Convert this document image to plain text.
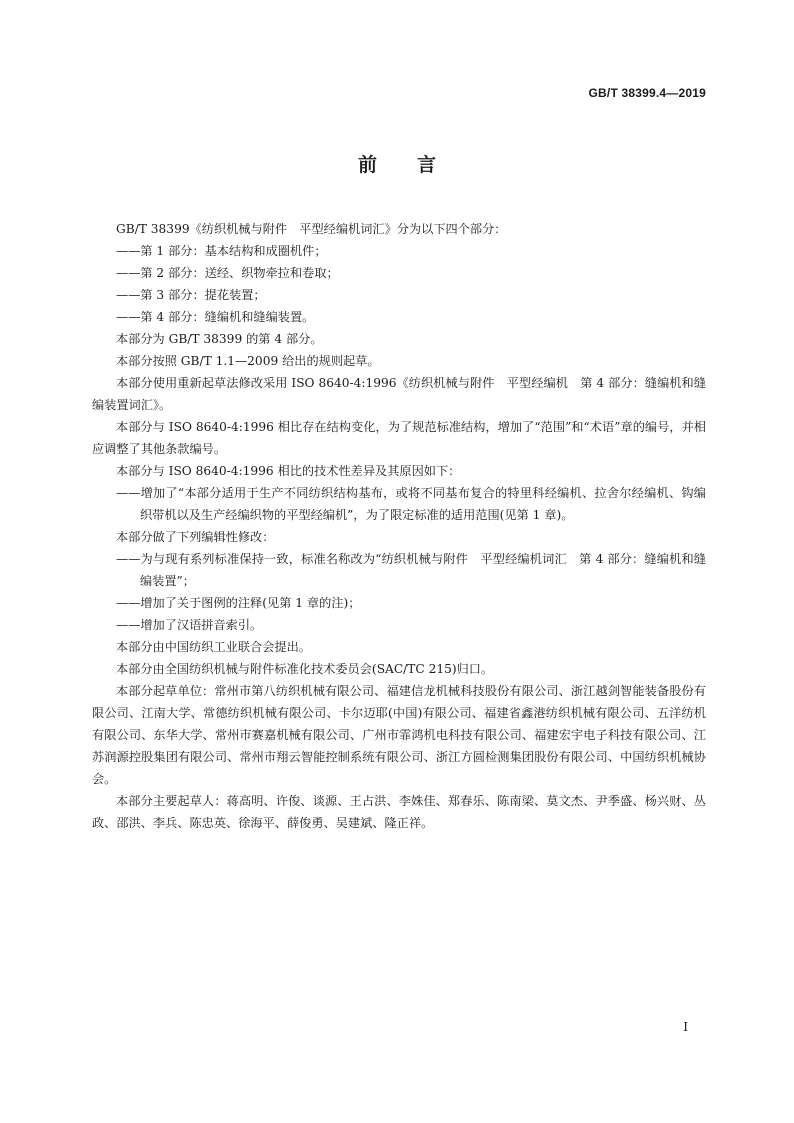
GB/T 38399.4—2019
前 言

GB/T 38399《纺织机械与附件　平型经编机词汇》分为以下四个部分：

——第 1 部分：基本结构和成圈机件；

——第 2 部分：送经、织物牵拉和卷取；

——第 3 部分：提花装置；

——第 4 部分：缝编机和缝编装置。

本部分为 GB/T 38399 的第 4 部分。

本部分按照 GB/T 1.1—2009 给出的规则起草。

本部分使用重新起草法修改采用 ISO 8640-4:1996《纺织机械与附件　平型经编机　第 4 部分：缝编机和缝编装置词汇》。

本部分与 ISO 8640-4:1996 相比存在结构变化，为了规范标准结构，增加了“范围”和“术语”章的编号，并相应调整了其他条款编号。

本部分与 ISO 8640-4:1996 相比的技术性差异及其原因如下：

——增加了“本部分适用于生产不同纺织结构基布，或将不同基布复合的特里科经编机、拉舍尔经编机、钩编织带机以及生产经编织物的平型经编机”，为了限定标准的适用范围(见第 1 章)。

本部分做了下列编辑性修改：

——为与现有系列标准保持一致，标准名称改为“纺织机械与附件　平型经编机词汇　第 4 部分：缝编机和缝编装置”；

——增加了关于图例的注释(见第 1 章的注)；

——增加了汉语拼音索引。

本部分由中国纺织工业联合会提出。

本部分由全国纺织机械与附件标准化技术委员会(SAC/TC 215)归口。

本部分起草单位：常州市第八纺织机械有限公司、福建信龙机械科技股份有限公司、浙江越剑智能装备股份有限公司、江南大学、常德纺织机械有限公司、卡尔迈耶(中国)有限公司、福建省鑫港纺织机械有限公司、五洋纺机有限公司、东华大学、常州市赛嘉机械有限公司、广州市霏鸿机电科技有限公司、福建宏宇电子科技有限公司、江苏润源控股集团有限公司、常州市翔云智能控制系统有限公司、浙江方圆检测集团股份有限公司、中国纺织机械协会。

本部分主要起草人：蒋高明、许俊、谈源、王占洪、李姝佳、郑春乐、陈南梁、莫文杰、尹季盛、杨兴财、丛政、邵洪、李兵、陈忠英、徐海平、薛俊勇、吴建斌、隆正祥。

I
